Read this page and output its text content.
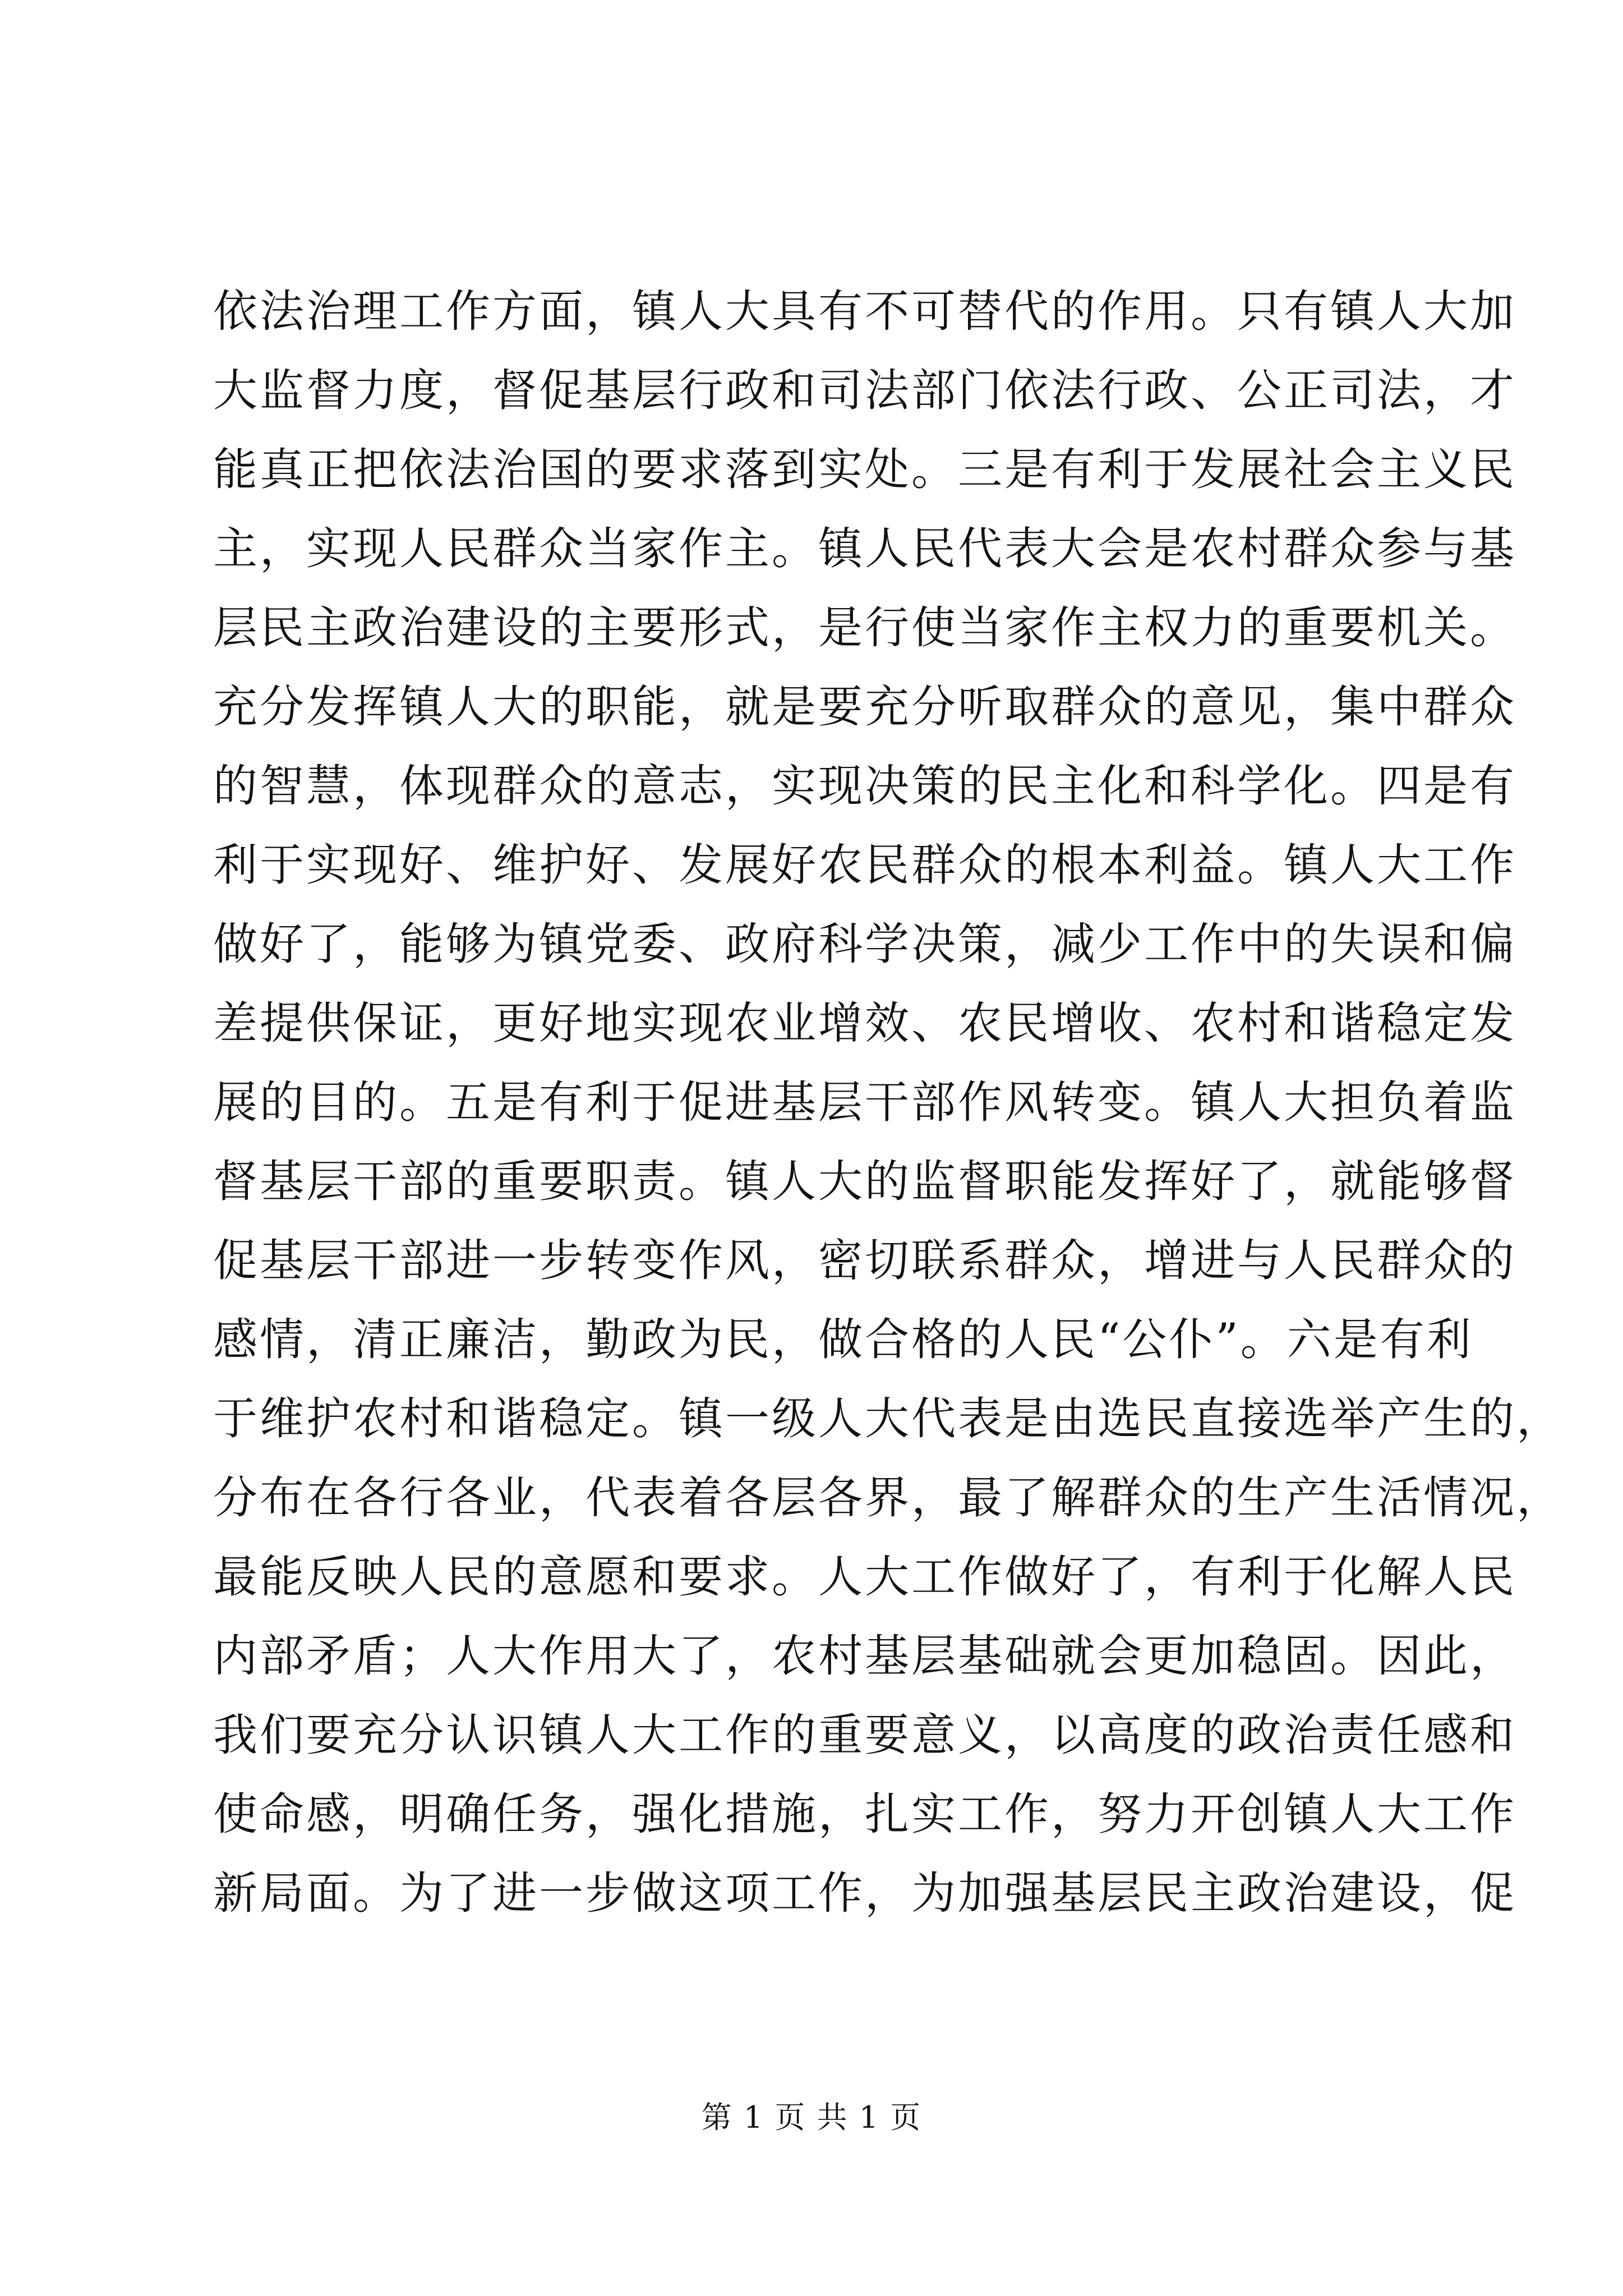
依法治理工作方面，镇人大具有不可替代的作用。只有镇人大加
大监督力度，督促基层行政和司法部门依法行政、公正司法，才
能真正把依法治国的要求落到实处。三是有利于发展社会主义民
主，实现人民群众当家作主。镇人民代表大会是农村群众参与基
层民主政治建设的主要形式，是行使当家作主权力的重要机关。
充分发挥镇人大的职能，就是要充分听取群众的意见，集中群众
的智慧，体现群众的意志，实现决策的民主化和科学化。四是有
利于实现好、维护好、发展好农民群众的根本利益。镇人大工作
做好了，能够为镇党委、政府科学决策，减少工作中的失误和偏
差提供保证，更好地实现农业增效、农民增收、农村和谐稳定发
展的目的。五是有利于促进基层干部作风转变。镇人大担负着监
督基层干部的重要职责。镇人大的监督职能发挥好了，就能够督
促基层干部进一步转变作风，密切联系群众，增进与人民群众的
感情，清正廉洁，勤政为民，做合格的人民“公仆”。六是有利
于维护农村和谐稳定。镇一级人大代表是由选民直接选举产生的，
分布在各行各业，代表着各层各界，最了解群众的生产生活情况，
最能反映人民的意愿和要求。人大工作做好了，有利于化解人民
内部矛盾；人大作用大了，农村基层基础就会更加稳固。因此，
我们要充分认识镇人大工作的重要意义，以高度的政治责任感和
使命感，明确任务，强化措施，扎实工作，努力开创镇人大工作
新局面。为了进一步做这项工作，为加强基层民主政治建设，促
第 1 页 共 1 页
